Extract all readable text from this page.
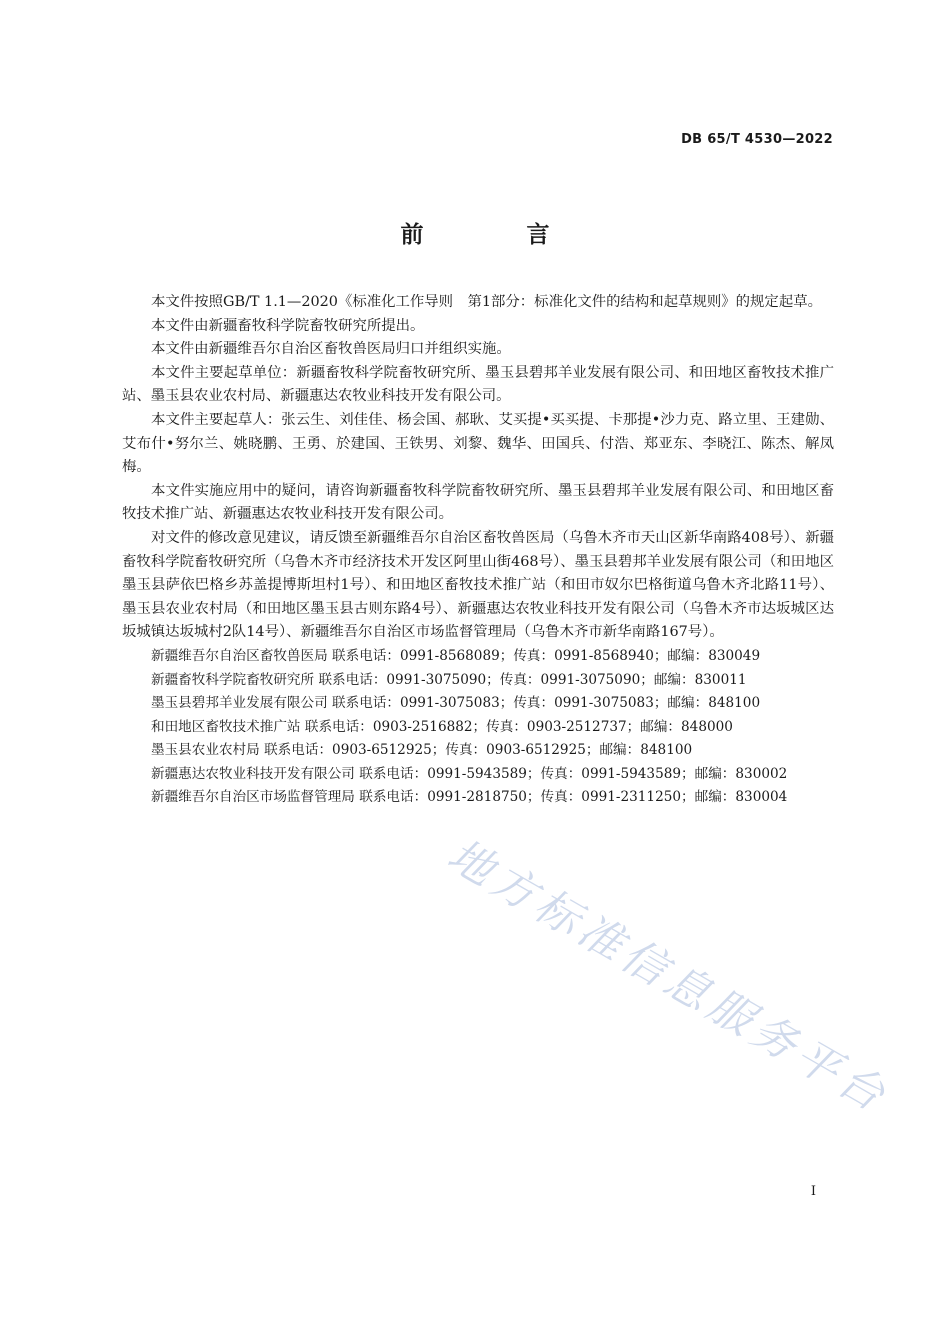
DB 65/T 4530—2022
前　言

本文件按照GB/T 1.1—2020《标准化工作导则　第1部分：标准化文件的结构和起草规则》的规定起草。

本文件由新疆畜牧科学院畜牧研究所提出。

本文件由新疆维吾尔自治区畜牧兽医局归口并组织实施。

本文件主要起草单位：新疆畜牧科学院畜牧研究所、墨玉县碧邦羊业发展有限公司、和田地区畜牧技术推广站、墨玉县农业农村局、新疆惠达农牧业科技开发有限公司。

本文件主要起草人：张云生、刘佳佳、杨会国、郝耿、艾买提•买买提、卡那提•沙力克、路立里、王建勋、艾布什•努尔兰、姚晓鹏、王勇、於建国、王铁男、刘黎、魏华、田国兵、付浩、郑亚东、李晓江、陈杰、解凤梅。

本文件实施应用中的疑问，请咨询新疆畜牧科学院畜牧研究所、墨玉县碧邦羊业发展有限公司、和田地区畜牧技术推广站、新疆惠达农牧业科技开发有限公司。

对文件的修改意见建议，请反馈至新疆维吾尔自治区畜牧兽医局（乌鲁木齐市天山区新华南路408号）、新疆畜牧科学院畜牧研究所（乌鲁木齐市经济技术开发区阿里山街468号）、墨玉县碧邦羊业发展有限公司（和田地区墨玉县萨依巴格乡苏盖提博斯坦村1号）、和田地区畜牧技术推广站（和田市奴尔巴格街道乌鲁木齐北路11号）、墨玉县农业农村局（和田地区墨玉县古则东路4号）、新疆惠达农牧业科技开发有限公司（乌鲁木齐市达坂城区达坂城镇达坂城村2队14号）、新疆维吾尔自治区市场监督管理局（乌鲁木齐市新华南路167号）。

新疆维吾尔自治区畜牧兽医局 联系电话：0991-8568089；传真：0991-8568940；邮编：830049

新疆畜牧科学院畜牧研究所 联系电话：0991-3075090；传真：0991-3075090；邮编：830011

墨玉县碧邦羊业发展有限公司 联系电话：0991-3075083；传真：0991-3075083；邮编：848100

和田地区畜牧技术推广站 联系电话：0903-2516882；传真：0903-2512737；邮编：848000

墨玉县农业农村局 联系电话：0903-6512925；传真：0903-6512925；邮编：848100

新疆惠达农牧业科技开发有限公司 联系电话：0991-5943589；传真：0991-5943589；邮编：830002

新疆维吾尔自治区市场监督管理局 联系电话：0991-2818750；传真：0991-2311250；邮编：830004

地方标准信息服务平台
I
